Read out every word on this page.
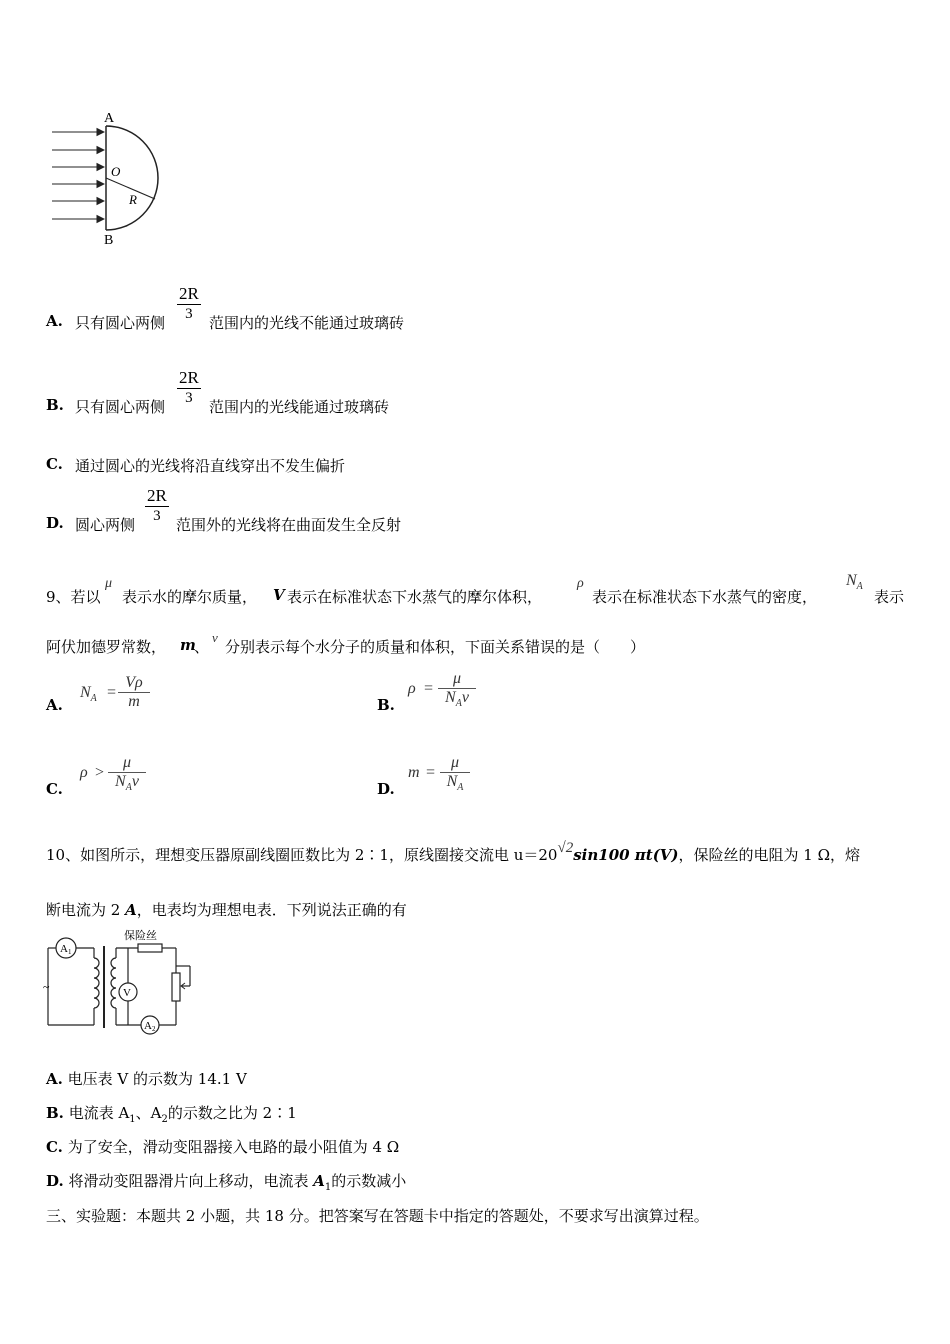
A
B
O
R
A. 只有圆心两侧
2R
3	范围内的光线不能通过玻璃砖
B. 只有圆心两侧
2R
3	范围内的光线能通过玻璃砖
C. 通过圆心的光线将沿直线穿出不发生偏折
D. 圆心两侧
2R
3	范围外的光线将在曲面发生全反射
9、若以
μ
表示水的摩尔质量， V 表示在标准状态下水蒸气的摩尔体积，
ρ
表示在标准状态下水蒸气的密度，
$N_A$
表示
阿伏加德罗常数， m
、
v
分别表示每个水分子的质量和体积，下面关系错误的是（　　）
A.
$N_A$ =
Vρ
m	B.
ρ =
μ
$N_Av$
C.
ρ >
μ
$N_Av$	D.
m =
μ
$N_A$
10、如图所示，理想变压器原副线圈匝数比为 2∶1，原线圈接交流电 u＝20√2sin100 πt(V)，保险丝的电阻为 1 Ω，熔
断电流为 2 A，电表均为理想电表．下列说法正确的有
保险丝
~
A1
V
A2
A. 电压表 V 的示数为 14.1 V
B. 电流表 $A_1$、$A_2$的示数之比为 2∶1
C. 为了安全，滑动变阻器接入电路的最小阻值为 4 Ω
D. 将滑动变阻器滑片向上移动，电流表 $A_1$的示数减小
三、实验题：本题共 2 小题，共 18 分。把答案写在答题卡中指定的答题处，不要求写出演算过程。
